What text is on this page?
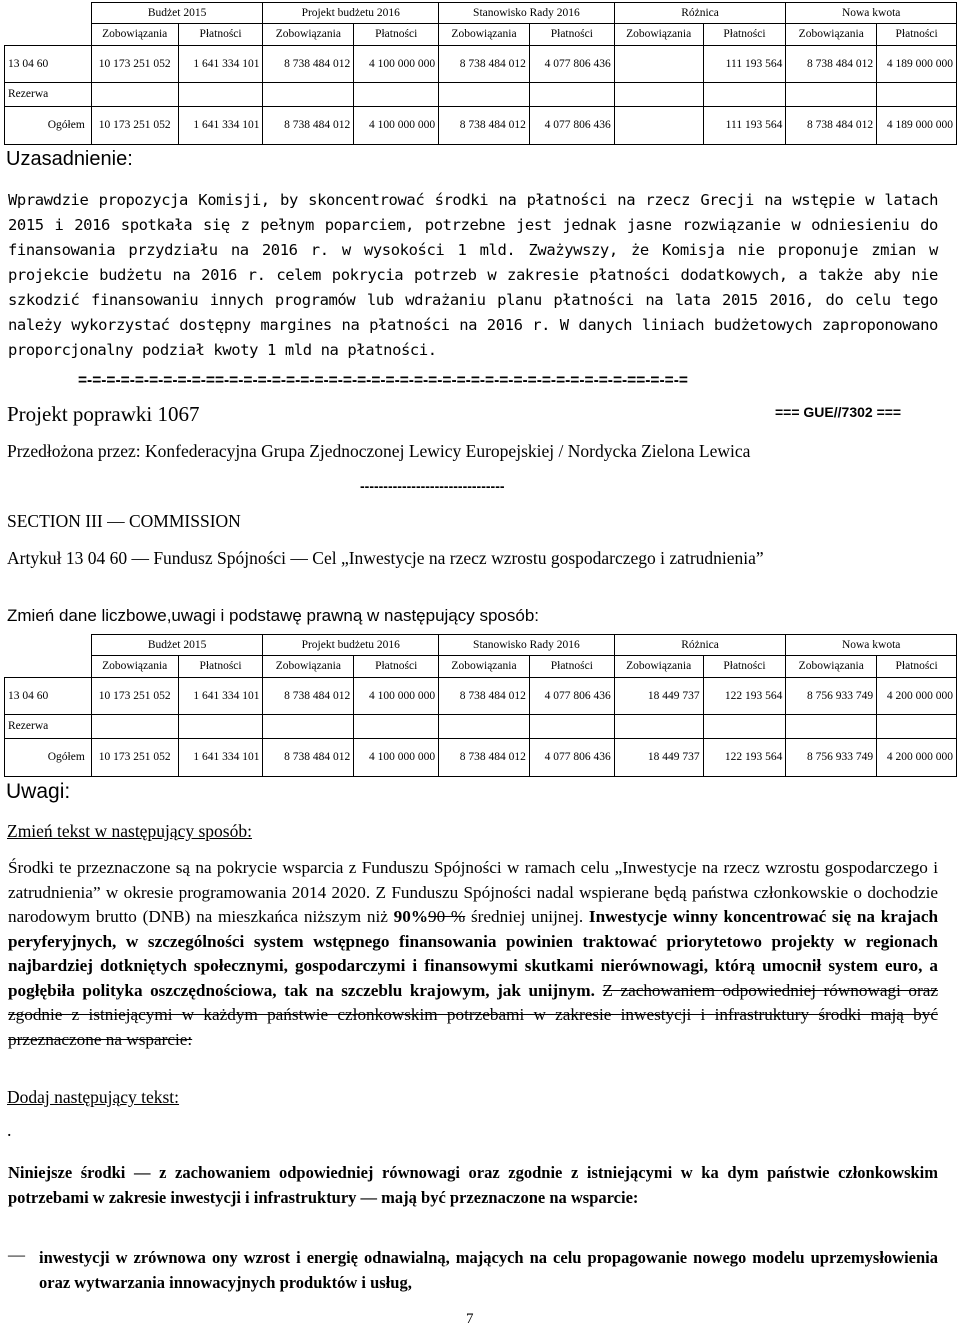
	Budżet 2015		Projekt budżetu 2016		Stanowisko Rady 2016		Różnica		Nowa kwota	
	Zobowiązania	Płatności	Zobowiązania	Płatności	Zobowiązania	Płatności	Zobowiązania	Płatności	Zobowiązania	Płatności
13 04 60	10 173 251 052	1 641 334 101	8 738 484 012	4 100 000 000	8 738 484 012	4 077 806 436		111 193 564	8 738 484 012	4 189 000 000
Rezerwa										
Ogółem	10 173 251 052	1 641 334 101	8 738 484 012	4 100 000 000	8 738 484 012	4 077 806 436		111 193 564	8 738 484 012	4 189 000 000
Uzasadnienie:
Wprawdzie propozycja Komisji, by skoncentrować środki na płatności na rzecz Grecji na wstępie w latach 2015 i 2016 spotkała się z pełnym poparciem, potrzebne jest jednak jasne rozwiązanie w odniesieniu do finansowania przydziału na 2016 r. w wysokości 1 mld. Zważywszy, że Komisja nie proponuje zmian w projekcie budżetu na 2016 r. celem pokrycia potrzeb w zakresie płatności dodatkowych, a także aby nie szkodzić finansowaniu innych programów lub wdrażaniu planu płatności na lata 2015 2016, do celu tego należy wykorzystać dostępny margines na płatności na 2016 r. W danych liniach budżetowych zaproponowano proporcjonalny podział kwoty 1 mld na płatności.
=-=-=-=-=-=-=-=-=-==-=-=-=-=-=-=-=-=-=-=-=-=-=-=-=-=-=-=-=-=-=-=-=-=-=-=-=-=-==-=-=-=
Projekt poprawki 1067	=== GUE//7302 ===
Przedłożona przez: Konfederacyjna Grupa Zjednoczonej Lewicy Europejskiej / Nordycka Zielona Lewica
-------------------------------
SECTION III — COMMISSION
Artykuł 13 04 60 — Fundusz Spójności — Cel „Inwestycje na rzecz wzrostu gospodarczego i zatrudnienia”
Zmień dane liczbowe,uwagi i podstawę prawną w następujący sposób:
	Budżet 2015		Projekt budżetu 2016		Stanowisko Rady 2016		Różnica		Nowa kwota	
	Zobowiązania	Płatności	Zobowiązania	Płatności	Zobowiązania	Płatności	Zobowiązania	Płatności	Zobowiązania	Płatności
13 04 60	10 173 251 052	1 641 334 101	8 738 484 012	4 100 000 000	8 738 484 012	4 077 806 436	18 449 737	122 193 564	8 756 933 749	4 200 000 000
Rezerwa										
Ogółem	10 173 251 052	1 641 334 101	8 738 484 012	4 100 000 000	8 738 484 012	4 077 806 436	18 449 737	122 193 564	8 756 933 749	4 200 000 000
Uwagi:
Zmień tekst w następujący sposób:
Środki te przeznaczone są na pokrycie wsparcia z Funduszu Spójności w ramach celu „Inwestycje na rzecz wzrostu gospodarczego i zatrudnienia” w okresie programowania 2014 2020. Z Funduszu Spójności nadal wspierane będą państwa członkowskie o dochodzie narodowym brutto (DNB) na mieszkańca niższym niż 90%90 % średniej unijnej. Inwestycje winny koncentrować się na krajach peryferyjnych, w szczególności system wstępnego finansowania powinien traktować priorytetowo projekty w regionach najbardziej dotkniętych społecznymi, gospodarczymi i finansowymi skutkami nierównowagi, którą umocnił system euro, a pogłębiła polityka oszczędnościowa, tak na szczeblu krajowym, jak unijnym. Z zachowaniem odpowiedniej równowagi oraz zgodnie z istniejącymi w każdym państwie członkowskim potrzebami w zakresie inwestycji i infrastruktury środki mają być przeznaczone na wsparcie:
Dodaj następujący tekst:
.
Niniejsze środki — z zachowaniem odpowiedniej równowagi oraz zgodnie z istniejącymi w ka dym państwie członkowskim potrzebami w zakresie inwestycji i infrastruktury — mają być przeznaczone na wsparcie:
— inwestycji w zrównowa ony wzrost i energię odnawialną, mających na celu propagowanie nowego modelu uprzemysłowienia oraz wytwarzania innowacyjnych produktów i usług,
7
